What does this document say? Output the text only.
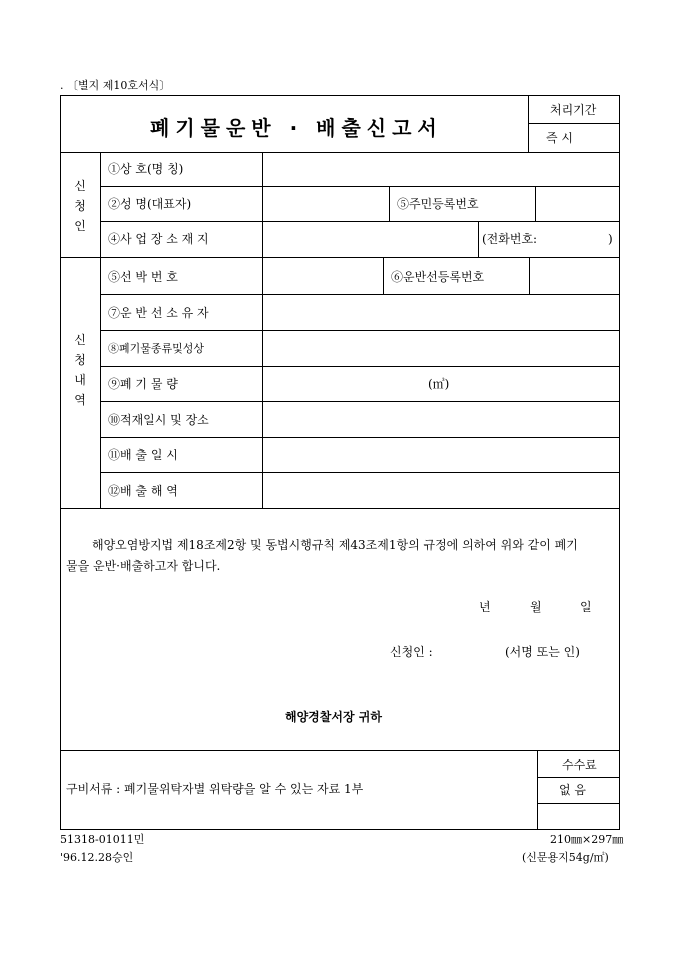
. 〔별지 제10호서식〕
폐기물운반 · 배출신고서
처리기간
즉 시
신
청
인
①상 호(명 칭)
②성 명(대표자)	⑤주민등록번호
④사 업 장 소 재 지	(전화번호:	)
신
청
내
역
⑤선 박 번 호	⑥운반선등록번호
⑦운 반 선 소 유 자
⑧폐기물종류및성상
⑨폐 기 물 량	(㎥)
⑩적재일시 및 장소
⑪배 출 일 시
⑫배 출 해 역
해양오염방지법 제18조제2항 및 동법시행규칙 제43조제1항의 규정에 의하여 위와 같이 폐기
물을 운반·배출하고자 합니다.
년	월	일
신청인 :	(서명 또는 인)
해양경찰서장 귀하
구비서류 : 폐기물위탁자별 위탁량을 알 수 있는 자료 1부
수수료
없 음
51318-01011민
'96.12.28승인
210㎜×297㎜
(신문용지54g/㎡)
